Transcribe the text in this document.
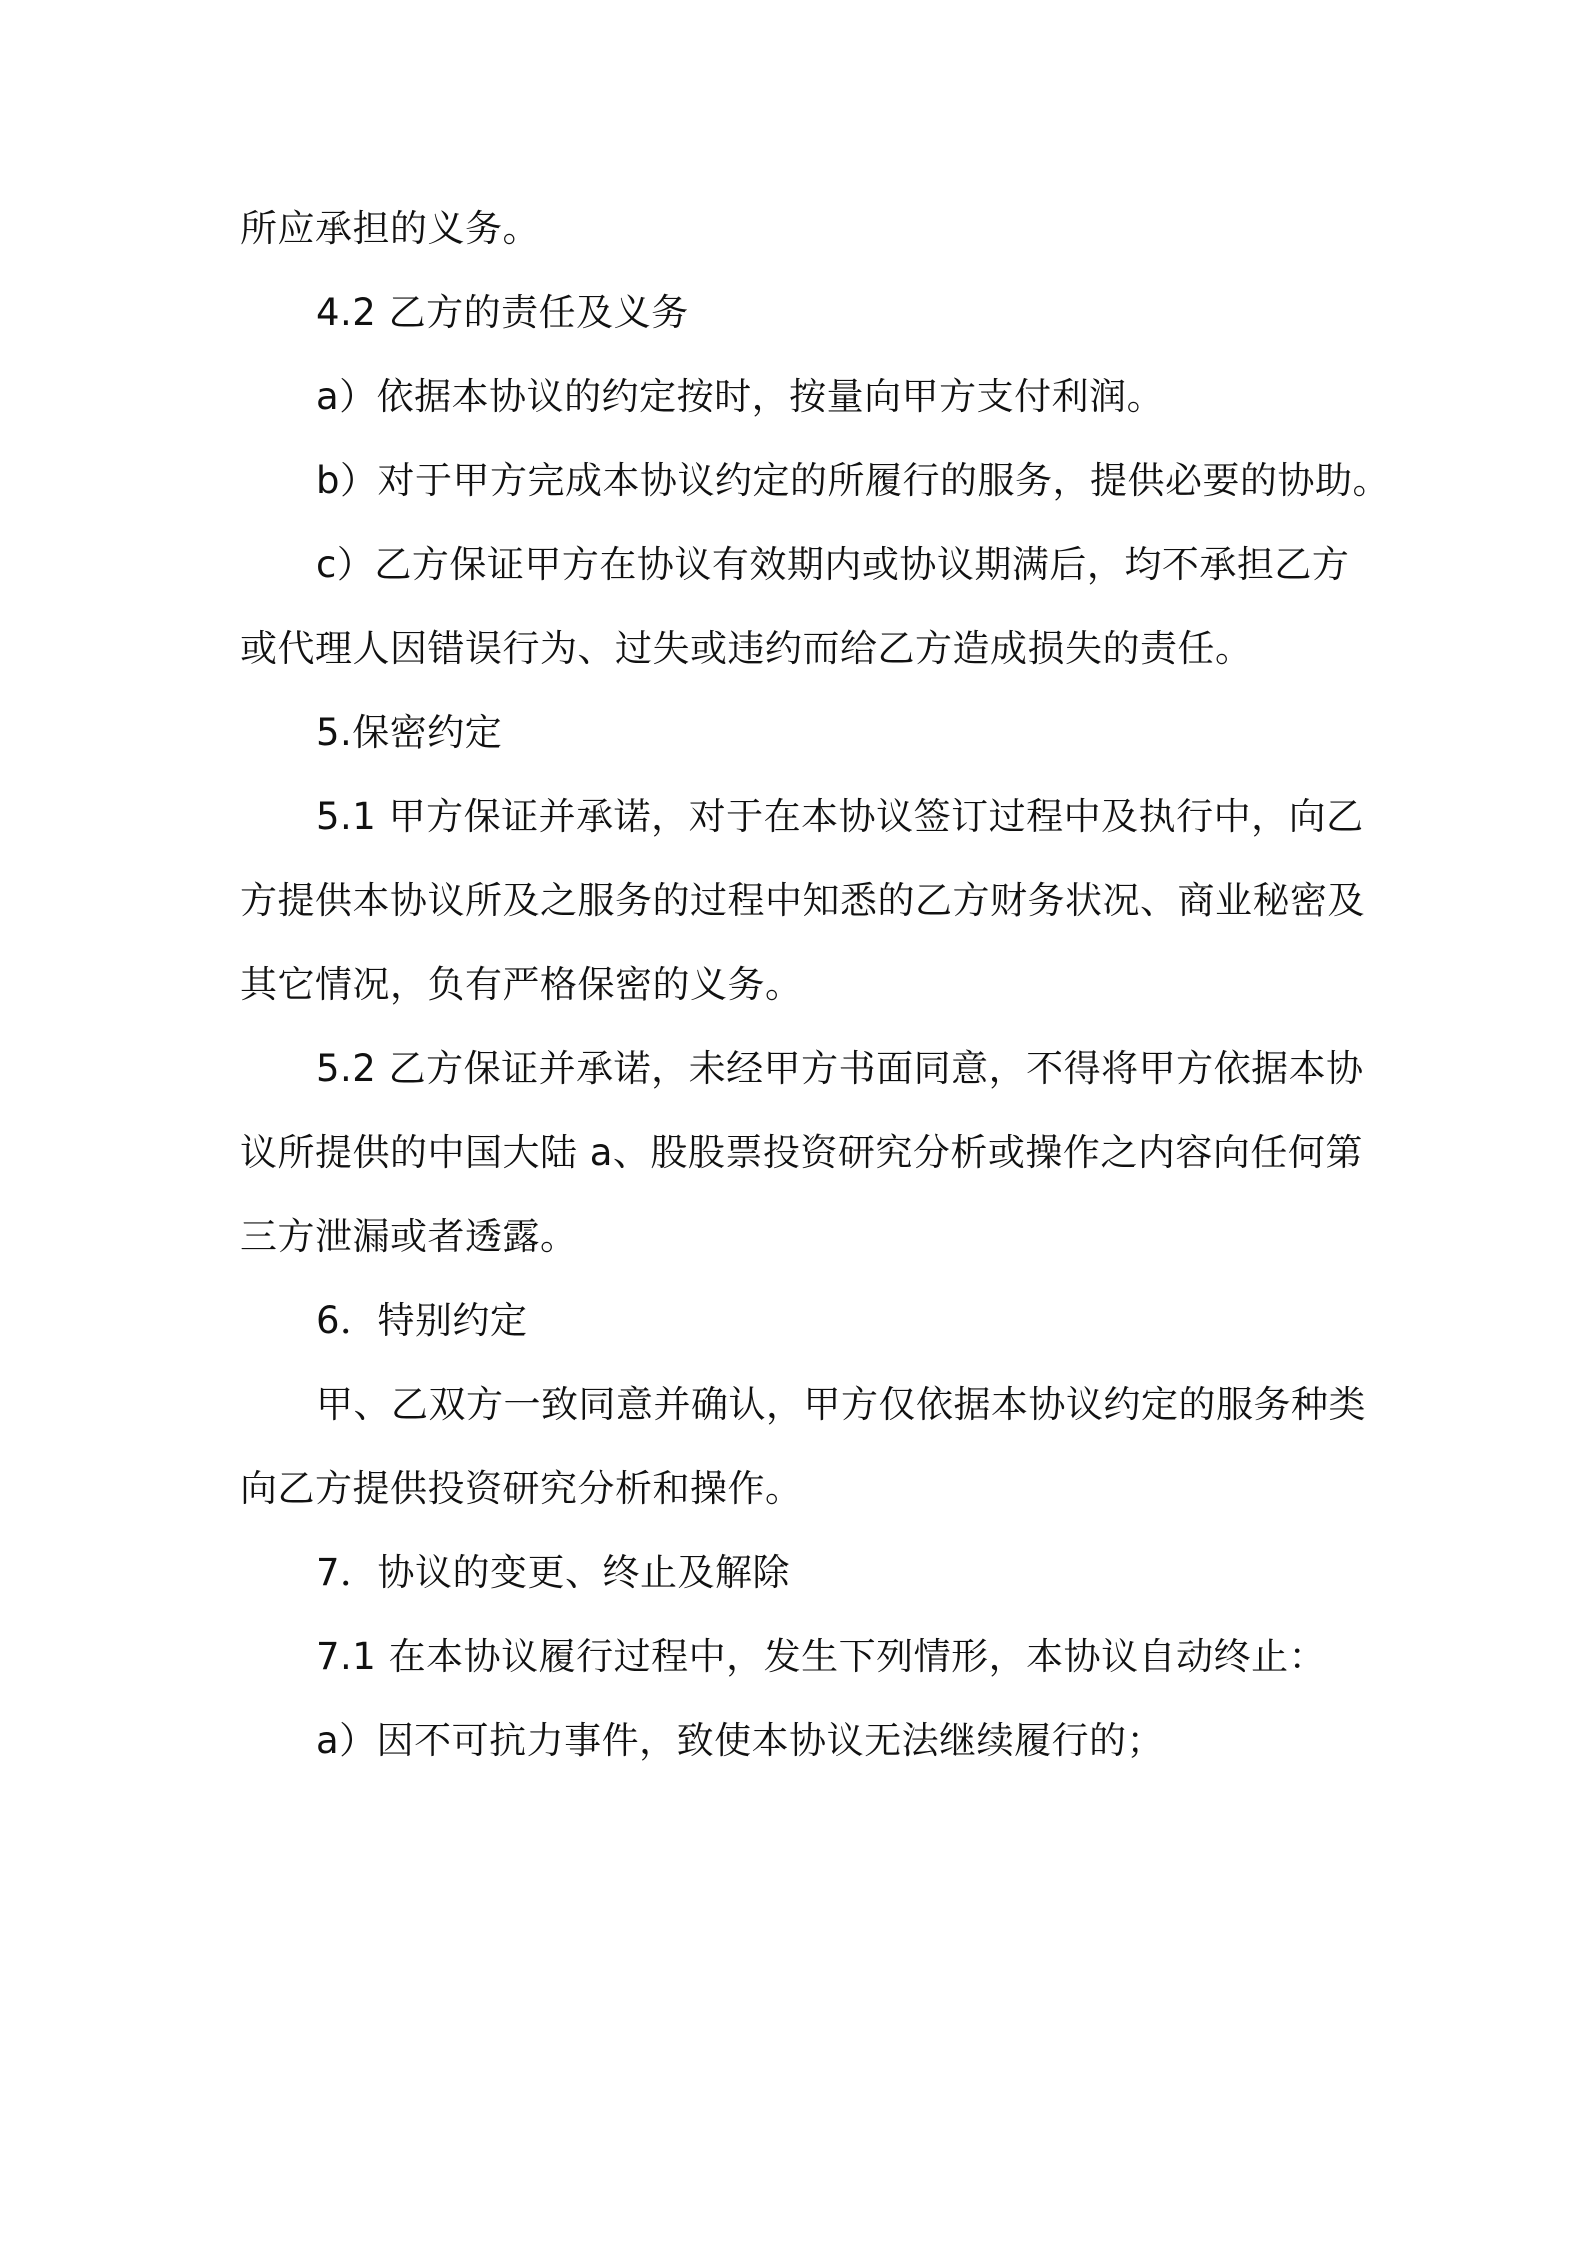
所应承担的义务。
4.2 乙方的责任及义务
a）依据本协议的约定按时，按量向甲方支付利润。
b）对于甲方完成本协议约定的所履行的服务，提供必要的协助。
c）乙方保证甲方在协议有效期内或协议期满后，均不承担乙方
或代理人因错误行为、过失或违约而给乙方造成损失的责任。
5.保密约定
5.1 甲方保证并承诺，对于在本协议签订过程中及执行中，向乙
方提供本协议所及之服务的过程中知悉的乙方财务状况、商业秘密及
其它情况，负有严格保密的义务。
5.2 乙方保证并承诺，未经甲方书面同意，不得将甲方依据本协
议所提供的中国大陆 a、股股票投资研究分析或操作之内容向任何第
三方泄漏或者透露。
6．特别约定
甲、乙双方一致同意并确认，甲方仅依据本协议约定的服务种类
向乙方提供投资研究分析和操作。
7．协议的变更、终止及解除
7.1 在本协议履行过程中，发生下列情形，本协议自动终止：
a）因不可抗力事件，致使本协议无法继续履行的；
